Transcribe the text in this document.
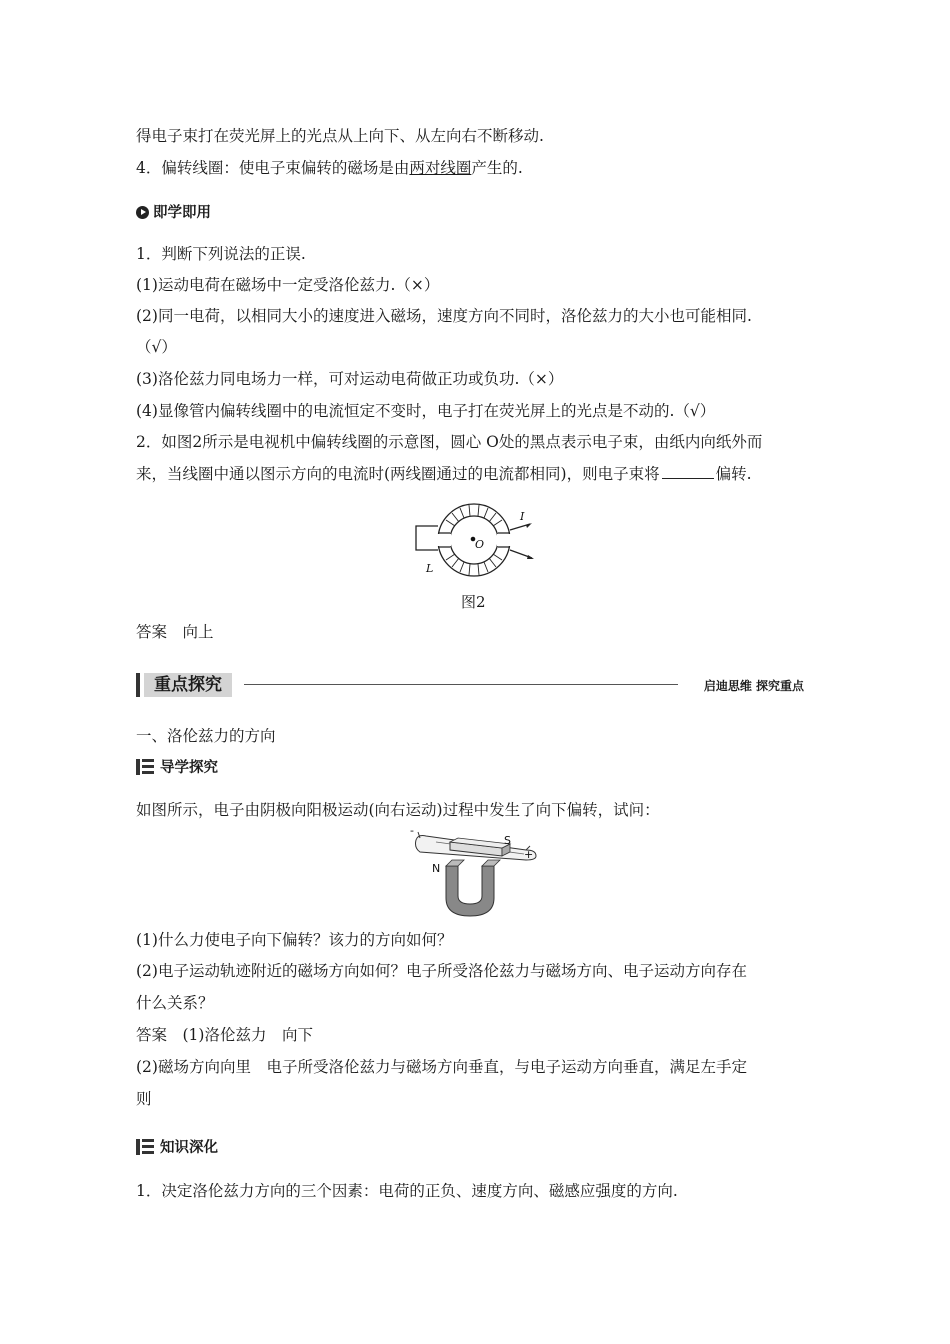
得电子束打在荧光屏上的光点从上向下、从左向右不断移动.
4．偏转线圈：使电子束偏转的磁场是由两对线圈产生的.
即学即用
1．判断下列说法的正误.
(1)运动电荷在磁场中一定受洛伦兹力.（×）
(2)同一电荷，以相同大小的速度进入磁场，速度方向不同时，洛伦兹力的大小也可能相同.
（√）
(3)洛伦兹力同电场力一样，可对运动电荷做正功或负功.（×）
(4)显像管内偏转线圈中的电流恒定不变时，电子打在荧光屏上的光点是不动的.（√）
2．如图2所示是电视机中偏转线圈的示意图，圆心 O处的黑点表示电子束，由纸内向纸外而
来，当线圈中通以图示方向的电流时(两线圈通过的电流都相同)，则电子束将	偏转.
I
O
L
图2
答案　向上
重点探究	启迪思维 探究重点
一、洛伦兹力的方向
导学探究
如图所示，电子由阴极向阳极运动(向右运动)过程中发生了向下偏转，试问：
-
S
N
+
(1)什么力使电子向下偏转？该力的方向如何？
(2)电子运动轨迹附近的磁场方向如何？电子所受洛伦兹力与磁场方向、电子运动方向存在
什么关系？
答案　(1)洛伦兹力　向下
(2)磁场方向向里　电子所受洛伦兹力与磁场方向垂直，与电子运动方向垂直，满足左手定
则
知识深化
1．决定洛伦兹力方向的三个因素：电荷的正负、速度方向、磁感应强度的方向.
